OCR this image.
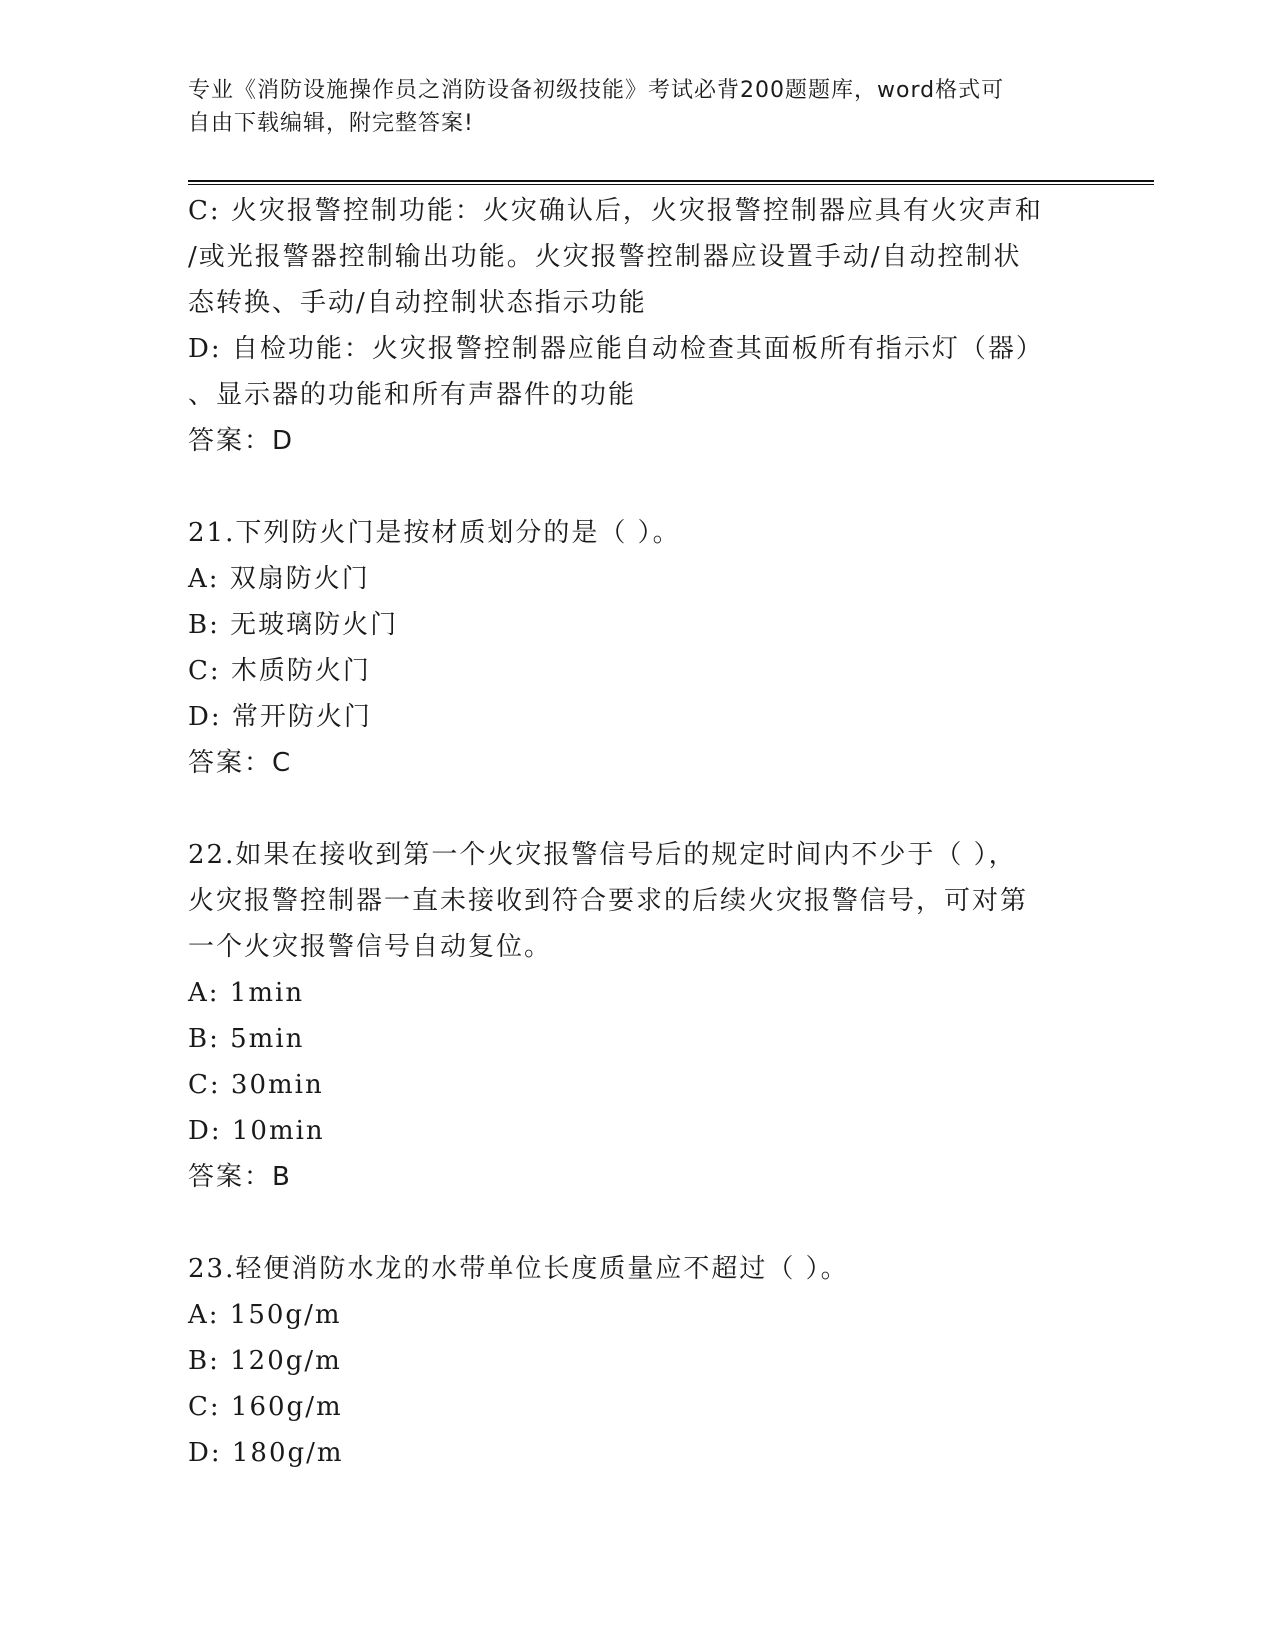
专业《消防设施操作员之消防设备初级技能》考试必背200题题库，word格式可
自由下载编辑，附完整答案!
C: 火灾报警控制功能：火灾确认后，火灾报警控制器应具有火灾声和
/或光报警器控制输出功能。火灾报警控制器应设置手动/自动控制状
态转换、手动/自动控制状态指示功能
D: 自检功能：火灾报警控制器应能自动检查其面板所有指示灯（器）
、显示器的功能和所有声器件的功能
答案：D
21.下列防火门是按材质划分的是（ ）。
A: 双扇防火门
B: 无玻璃防火门
C: 木质防火门
D: 常开防火门
答案：C
22.如果在接收到第一个火灾报警信号后的规定时间内不少于（ ），
火灾报警控制器一直未接收到符合要求的后续火灾报警信号，可对第
一个火灾报警信号自动复位。
A: 1min
B: 5min
C: 30min
D: 10min
答案：B
23.轻便消防水龙的水带单位长度质量应不超过（ ）。
A: 150g/m
B: 120g/m
C: 160g/m
D: 180g/m
